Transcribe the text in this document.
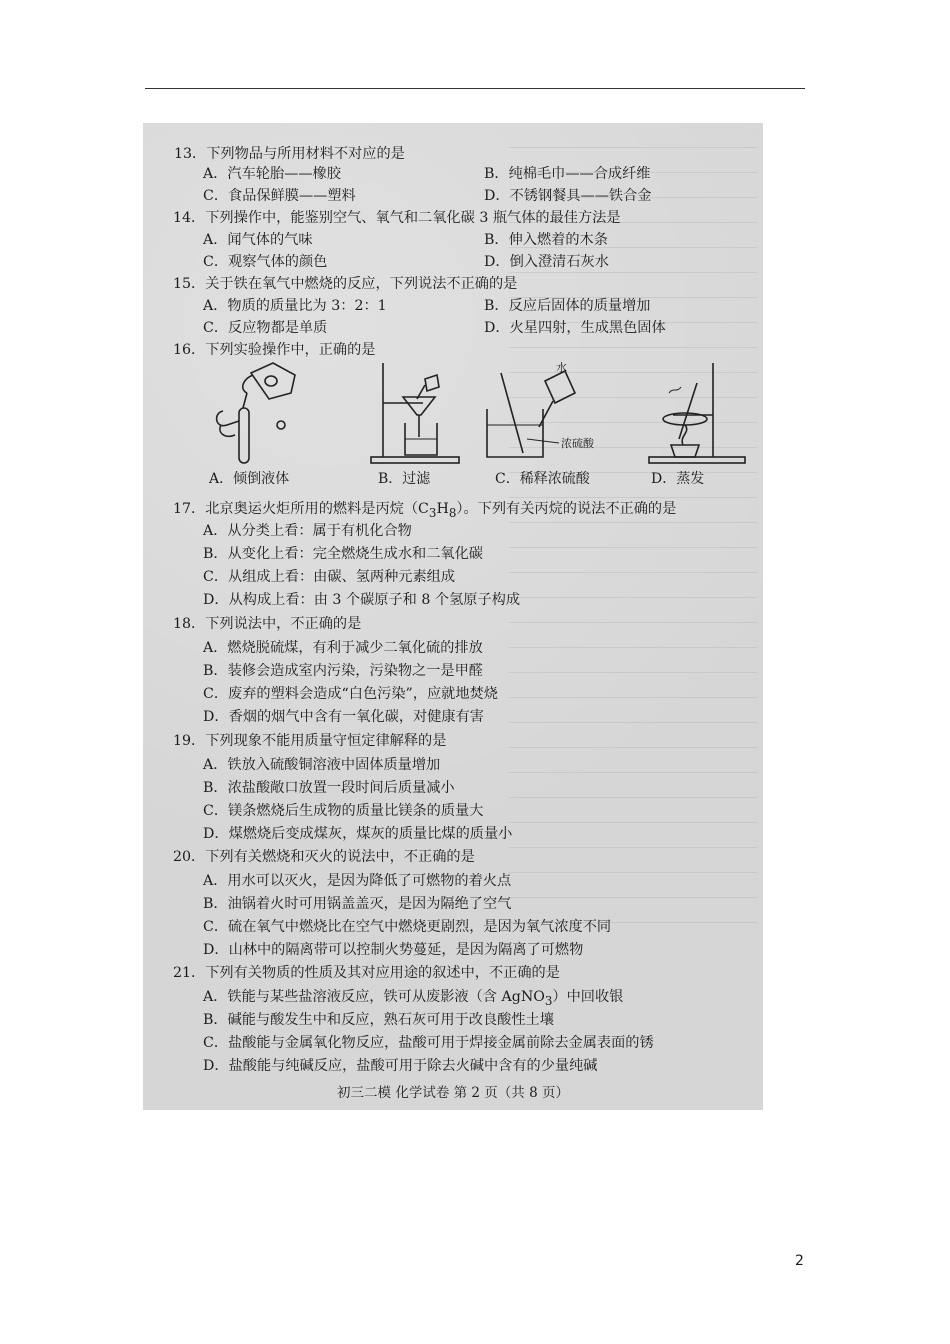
13．下列物品与所用材料不对应的是
A．汽车轮胎——橡胶	B．纯棉毛巾——合成纤维
C．食品保鲜膜——塑料	D．不锈钢餐具——铁合金
14．下列操作中，能鉴别空气、氧气和二氧化碳 3 瓶气体的最佳方法是
A．闻气体的气味	B．伸入燃着的木条
C．观察气体的颜色	D．倒入澄清石灰水
15．关于铁在氧气中燃烧的反应，下列说法不正确的是
A．物质的质量比为 3：2：1	B．反应后固体的质量增加
C．反应物都是单质	D．火星四射，生成黑色固体
16．下列实验操作中，正确的是
A．倾倒液体	B．过滤
水
浓硫酸
C．稀释浓硫酸	D．蒸发
17．北京奥运火炬所用的燃料是丙烷$(C_3H_8)$。下列有关丙烷的说法不正确的是
A．从分类上看：属于有机化合物
B．从变化上看：完全燃烧生成水和二氧化碳
C．从组成上看：由碳、氢两种元素组成
D．从构成上看：由 3 个碳原子和 8 个氢原子构成
18．下列说法中，不正确的是
A．燃烧脱硫煤，有利于减少二氧化硫的排放
B．装修会造成室内污染，污染物之一是甲醛
C．废弃的塑料会造成“白色污染”，应就地焚烧
D．香烟的烟气中含有一氧化碳，对健康有害
19．下列现象不能用质量守恒定律解释的是
A．铁放入硫酸铜溶液中固体质量增加
B．浓盐酸敞口放置一段时间后质量减小
C．镁条燃烧后生成物的质量比镁条的质量大
D．煤燃烧后变成煤灰，煤灰的质量比煤的质量小
20．下列有关燃烧和灭火的说法中，不正确的是
A．用水可以灭火，是因为降低了可燃物的着火点
B．油锅着火时可用锅盖盖灭，是因为隔绝了空气
C．硫在氧气中燃烧比在空气中燃烧更剧烈，是因为氧气浓度不同
D．山林中的隔离带可以控制火势蔓延，是因为隔离了可燃物
21．下列有关物质的性质及其对应用途的叙述中，不正确的是
A．铁能与某些盐溶液反应，铁可从废影液（含 AgNO$_3$）中回收银
B．碱能与酸发生中和反应，熟石灰可用于改良酸性土壤
C．盐酸能与金属氧化物反应，盐酸可用于焊接金属前除去金属表面的锈
D．盐酸能与纯碱反应，盐酸可用于除去火碱中含有的少量纯碱
初三二模 化学试卷 第 2 页（共 8 页）
2
